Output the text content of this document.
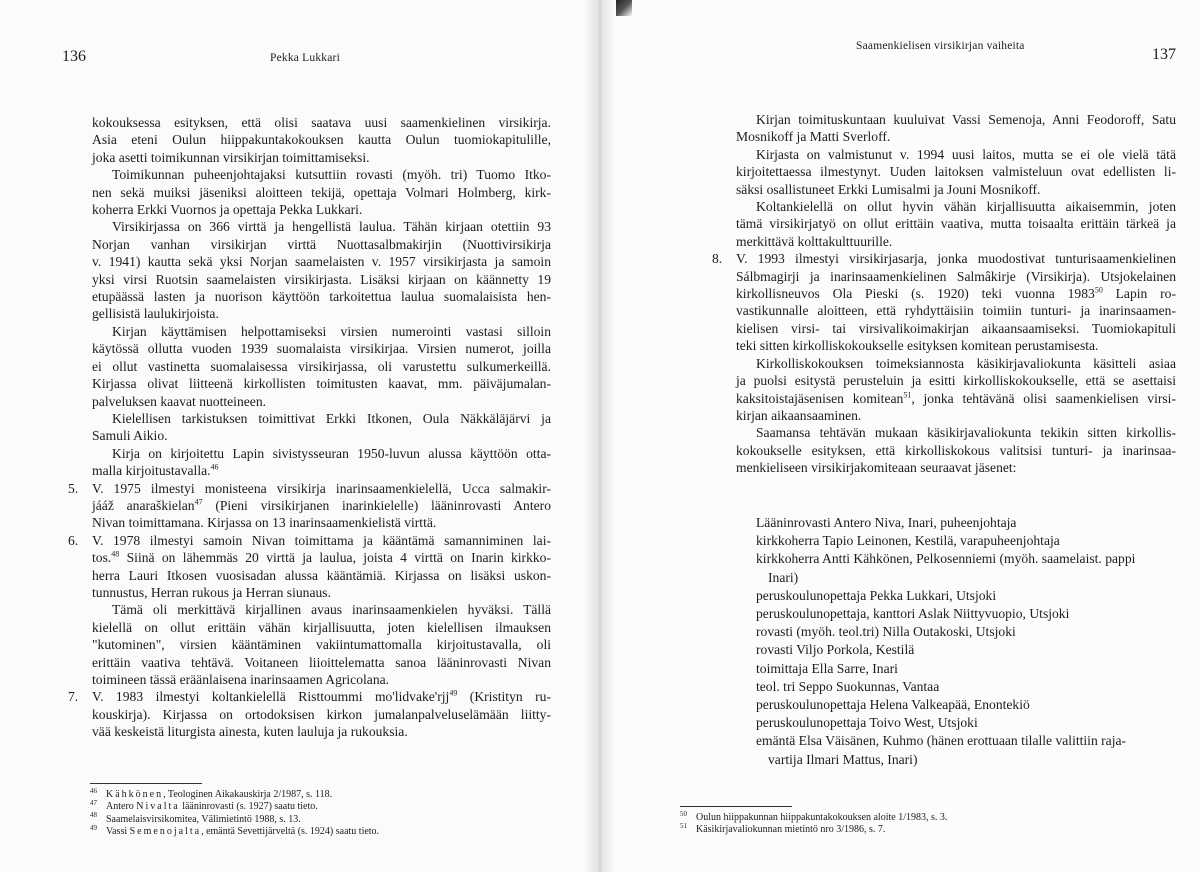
136	Pekka Lukkari
kokouksessa esityksen, että olisi saatava uusi saamenkielinen virsikirja.
Asia eteni Oulun hiippakuntakokouksen kautta Oulun tuomiokapitulille,
joka asetti toimikunnan virsikirjan toimittamiseksi.
Toimikunnan puheenjohtajaksi kutsuttiin rovasti (myöh. tri) Tuomo Itko-
nen sekä muiksi jäseniksi aloitteen tekijä, opettaja Volmari Holmberg, kirk-
koherra Erkki Vuornos ja opettaja Pekka Lukkari.
Virsikirjassa on 366 virttä ja hengellistä laulua. Tähän kirjaan otettiin 93
Norjan vanhan virsikirjan virttä Nuottasalbmakirjin (Nuottivirsikirja
v. 1941) kautta sekä yksi Norjan saamelaisten v. 1957 virsikirjasta ja samoin
yksi virsi Ruotsin saamelaisten virsikirjasta. Lisäksi kirjaan on käännetty 19
etupäässä lasten ja nuorison käyttöön tarkoitettua laulua suomalaisista hen-
gellisistä laulukirjoista.
Kirjan käyttämisen helpottamiseksi virsien numerointi vastasi silloin
käytössä ollutta vuoden 1939 suomalaista virsikirjaa. Virsien numerot, joilla
ei ollut vastinetta suomalaisessa virsikirjassa, oli varustettu sulkumerkeillä.
Kirjassa olivat liitteenä kirkollisten toimitusten kaavat, mm. päiväjumalan-
palveluksen kaavat nuotteineen.
Kielellisen tarkistuksen toimittivat Erkki Itkonen, Oula Näkkäläjärvi ja
Samuli Aikio.
Kirja on kirjoitettu Lapin sivistysseuran 1950-luvun alussa käyttöön otta-
malla kirjoitustavalla.$^{46}$
5. V. 1975 ilmestyi monisteena virsikirja inarinsaamenkielellä, Ucca salmakir-
jááž anarašk​ielan$^{47}$ (Pieni virsikirjanen inarinkielelle) lääninrovasti Antero
Nivan toimittamana. Kirjassa on 13 inarinsaamenkielistä virttä.
6. V. 1978 ilmestyi samoin Nivan toimittama ja kääntämä samanniminen lai-
tos.$^{48}$ Siinä on lähemmäs 20 virttä ja laulua, joista 4 virttä on Inarin kirkko-
herra Lauri Itkosen vuosisadan alussa kääntämiä. Kirjassa on lisäksi uskon-
tunnustus, Herran rukous ja Herran siunaus.
Tämä oli merkittävä kirjallinen avaus inarinsaamenkielen hyväksi. Tällä
kielellä on ollut erittäin vähän kirjallisuutta, joten kielellisen ilmauksen
"kutominen", virsien kääntäminen vakiintumattomalla kirjoitustavalla, oli
erittäin vaativa tehtävä. Voitaneen liioittelematta sanoa lääninrovasti Nivan
toimineen tässä eräänlaisena inarinsaamen Agricolana.
7. V. 1983 ilmestyi koltankielellä Risttoummi mo'lidvake'rjj$^{49}$ (Kristityn ru-
kouskirja). Kirjassa on ortodoksisen kirkon jumalanpalveluselämään liitty-
vää keskeistä liturgista ainesta, kuten lauluja ja rukouksia.
46 Kähkönen, Teologinen Aikakauskirja 2/1987, s. 118.
47 Antero Nivalta lääninrovasti (s. 1927) saatu tieto.
48 Saamelaisvirsikomitea, Välimietintö 1988, s. 13.
49 Vassi Semenojalta, emäntä Sevettijärveltä (s. 1924) saatu tieto.
Saamenkielisen virsikirjan vaiheita	137
Kirjan toimituskuntaan kuuluivat Vassi Semenoja, Anni Feodoroff, Satu
Mosnikoff ja Matti Sverloff.
Kirjasta on valmistunut v. 1994 uusi laitos, mutta se ei ole vielä tätä
kirjoitettaessa ilmestynyt. Uuden laitoksen valmisteluun ovat edellisten li-
säksi osallistuneet Erkki Lumisalmi ja Jouni Mosnikoff.
Koltankielellä on ollut hyvin vähän kirjallisuutta aikaisemmin, joten
tämä virsikirjatyö on ollut erittäin vaativa, mutta toisaalta erittäin tärkeä ja
merkittävä kolttakulttuurille.
8. V. 1993 ilmestyi virsikirjasarja, jonka muodostivat tunturisaamenkielinen
Sálbmagirji ja inarinsaamenkielinen Salmâkirje (Virsikirja). Utsjokelainen
kirkollisneuvos Ola Pieski (s. 1920) teki vuonna 1983$^{50}$ Lapin ro-
vastikunnalle aloitteen, että ryhdyttäisiin toimiin tunturi- ja inarinsaamen-
kielisen virsi- tai virsivalikoimakirjan aikaansaamiseksi. Tuomiokapituli
teki sitten kirkolliskokoukselle esityksen komitean perustamisesta.
Kirkolliskokouksen toimeksiannosta käsikirjavaliokunta käsitteli asiaa
ja puolsi esitystä perusteluin ja esitti kirkolliskokoukselle, että se asettaisi
kaksitoistajäsenisen komitean$^{51}$, jonka tehtävänä olisi saamenkielisen virsi-
kirjan aikaansaaminen.
Saamansa tehtävän mukaan käsikirjavaliokunta tekikin sitten kirkollis-
kokoukselle esityksen, että kirkolliskokous valitsisi tunturi- ja inarinsaa-
menkieliseen virsikirjakomiteaan seuraavat jäsenet:
Lääninrovasti Antero Niva, Inari, puheenjohtaja
kirkkoherra Tapio Leinonen, Kestilä, varapuheenjohtaja
kirkkoherra Antti Kähkönen, Pelkosenniemi (myöh. saamelaist. pappi
Inari)
peruskoulunopettaja Pekka Lukkari, Utsjoki
peruskoulunopettaja, kanttori Aslak Niittyvuopio, Utsjoki
rovasti (myöh. teol.tri) Nilla Outakoski, Utsjoki
rovasti Viljo Porkola, Kestilä
toimittaja Ella Sarre, Inari
teol. tri Seppo Suokunnas, Vantaa
peruskoulunopettaja Helena Valkeapää, Enontekiö
peruskoulunopettaja Toivo West, Utsjoki
emäntä Elsa Väisänen, Kuhmo (hänen erottuaan tilalle valittiin raja-
vartija Ilmari Mattus, Inari)
50 Oulun hiippakunnan hiippakuntakokouksen aloite 1/1983, s. 3.
51 Käsikirjavaliokunnan mietintö nro 3/1986, s. 7.
